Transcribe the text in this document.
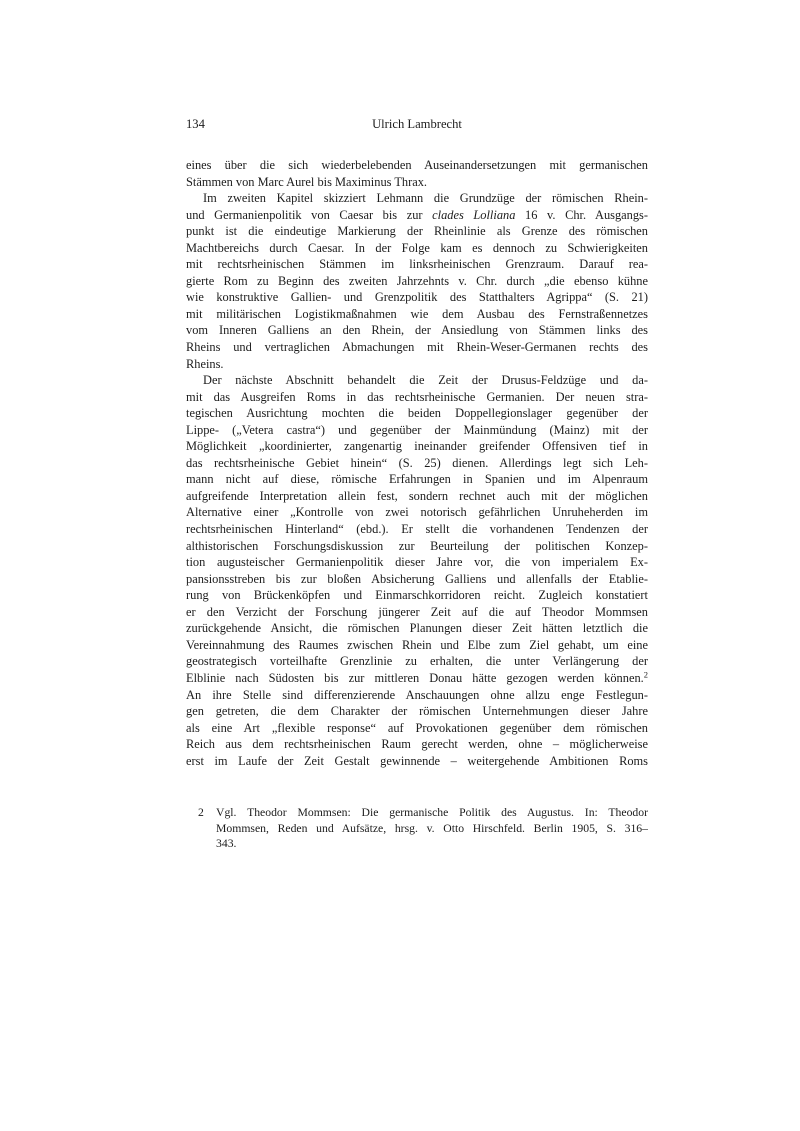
134	Ulrich Lambrecht
eines über die sich wiederbelebenden Auseinandersetzungen mit germanischen
Stämmen von Marc Aurel bis Maximinus Thrax.
Im zweiten Kapitel skizziert Lehmann die Grundzüge der römischen Rhein-
und Germanienpolitik von Caesar bis zur clades Lolliana 16 v. Chr. Ausgangs-
punkt ist die eindeutige Markierung der Rheinlinie als Grenze des römischen
Machtbereichs durch Caesar. In der Folge kam es dennoch zu Schwierigkeiten
mit rechtsrheinischen Stämmen im linksrheinischen Grenzraum. Darauf rea-
gierte Rom zu Beginn des zweiten Jahrzehnts v. Chr. durch „die ebenso kühne
wie konstruktive Gallien- und Grenzpolitik des Statthalters Agrippa“ (S. 21)
mit militärischen Logistikmaßnahmen wie dem Ausbau des Fernstraßennetzes
vom Inneren Galliens an den Rhein, der Ansiedlung von Stämmen links des
Rheins und vertraglichen Abmachungen mit Rhein-Weser-Germanen rechts des
Rheins.
Der nächste Abschnitt behandelt die Zeit der Drusus-Feldzüge und da-
mit das Ausgreifen Roms in das rechtsrheinische Germanien. Der neuen stra-
tegischen Ausrichtung mochten die beiden Doppellegionslager gegenüber der
Lippe- („Vetera castra“) und gegenüber der Mainmündung (Mainz) mit der
Möglichkeit „koordinierter, zangenartig ineinander greifender Offensiven tief in
das rechtsrheinische Gebiet hinein“ (S. 25) dienen. Allerdings legt sich Leh-
mann nicht auf diese, römische Erfahrungen in Spanien und im Alpenraum
aufgreifende Interpretation allein fest, sondern rechnet auch mit der möglichen
Alternative einer „Kontrolle von zwei notorisch gefährlichen Unruheherden im
rechtsrheinischen Hinterland“ (ebd.). Er stellt die vorhandenen Tendenzen der
althistorischen Forschungsdiskussion zur Beurteilung der politischen Konzep-
tion augusteischer Germanienpolitik dieser Jahre vor, die von imperialem Ex-
pansionsstreben bis zur bloßen Absicherung Galliens und allenfalls der Etablie-
rung von Brückenköpfen und Einmarschkorridoren reicht. Zugleich konstatiert
er den Verzicht der Forschung jüngerer Zeit auf die auf Theodor Mommsen
zurückgehende Ansicht, die römischen Planungen dieser Zeit hätten letztlich die
Vereinnahmung des Raumes zwischen Rhein und Elbe zum Ziel gehabt, um eine
geostrategisch vorteilhafte Grenzlinie zu erhalten, die unter Verlängerung der
Elblinie nach Südosten bis zur mittleren Donau hätte gezogen werden können.$^2$
An ihre Stelle sind differenzierende Anschauungen ohne allzu enge Festlegun-
gen getreten, die dem Charakter der römischen Unternehmungen dieser Jahre
als eine Art „flexible response“ auf Provokationen gegenüber dem römischen
Reich aus dem rechtsrheinischen Raum gerecht werden, ohne – möglicherweise
erst im Laufe der Zeit Gestalt gewinnende – weitergehende Ambitionen Roms
2 Vgl. Theodor Mommsen: Die germanische Politik des Augustus. In: Theodor
Mommsen, Reden und Aufsätze, hrsg. v. Otto Hirschfeld. Berlin 1905, S. 316–
343.
